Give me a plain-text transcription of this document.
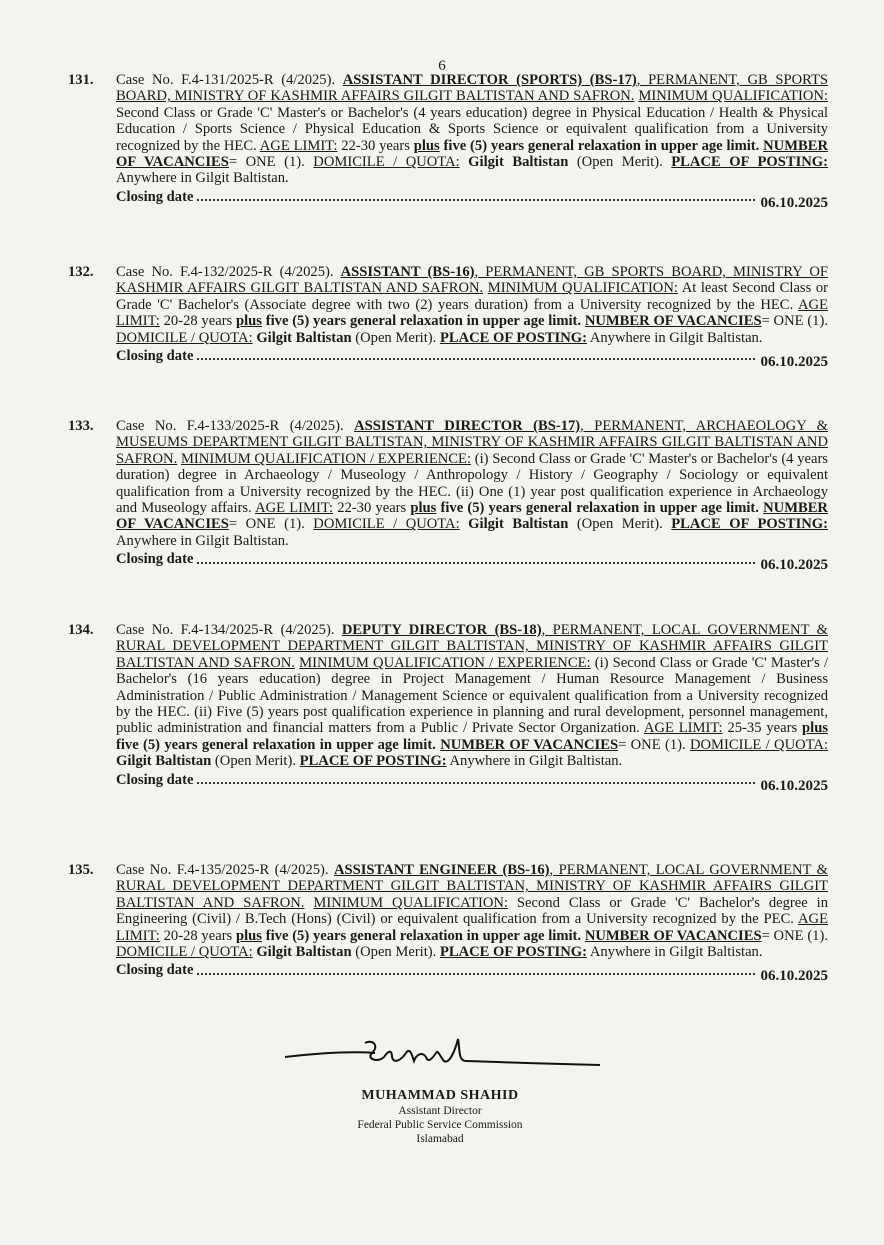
6
131.	Case No. F.4-131/2025-R (4/2025). ASSISTANT DIRECTOR (SPORTS) (BS-17), PERMANENT, GB SPORTS BOARD, MINISTRY OF KASHMIR AFFAIRS GILGIT BALTISTAN AND SAFRON. MINIMUM QUALIFICATION: Second Class or Grade 'C' Master's or Bachelor's (4 years education) degree in Physical Education / Health & Physical Education / Sports Science / Physical Education & Sports Science or equivalent qualification from a University recognized by the HEC. AGE LIMIT: 22-30 years plus five (5) years general relaxation in upper age limit. NUMBER OF VACANCIES= ONE (1). DOMICILE / QUOTA: Gilgit Baltistan (Open Merit). PLACE OF POSTING: Anywhere in Gilgit Baltistan.
Closing date	06.10.2025
132.	Case No. F.4-132/2025-R (4/2025). ASSISTANT (BS-16), PERMANENT, GB SPORTS BOARD, MINISTRY OF KASHMIR AFFAIRS GILGIT BALTISTAN AND SAFRON. MINIMUM QUALIFICATION: At least Second Class or Grade 'C' Bachelor's (Associate degree with two (2) years duration) from a University recognized by the HEC. AGE LIMIT: 20-28 years plus five (5) years general relaxation in upper age limit. NUMBER OF VACANCIES= ONE (1). DOMICILE / QUOTA: Gilgit Baltistan (Open Merit). PLACE OF POSTING: Anywhere in Gilgit Baltistan.
Closing date	06.10.2025
133.	Case No. F.4-133/2025-R (4/2025). ASSISTANT DIRECTOR (BS-17), PERMANENT, ARCHAEOLOGY & MUSEUMS DEPARTMENT GILGIT BALTISTAN, MINISTRY OF KASHMIR AFFAIRS GILGIT BALTISTAN AND SAFRON. MINIMUM QUALIFICATION / EXPERIENCE: (i) Second Class or Grade 'C' Master's or Bachelor's (4 years duration) degree in Archaeology / Museology / Anthropology / History / Geography / Sociology or equivalent qualification from a University recognized by the HEC. (ii) One (1) year post qualification experience in Archaeology and Museology affairs. AGE LIMIT: 22-30 years plus five (5) years general relaxation in upper age limit. NUMBER OF VACANCIES= ONE (1). DOMICILE / QUOTA: Gilgit Baltistan (Open Merit). PLACE OF POSTING: Anywhere in Gilgit Baltistan.
Closing date	06.10.2025
134.	Case No. F.4-134/2025-R (4/2025). DEPUTY DIRECTOR (BS-18), PERMANENT, LOCAL GOVERNMENT & RURAL DEVELOPMENT DEPARTMENT GILGIT BALTISTAN, MINISTRY OF KASHMIR AFFAIRS GILGIT BALTISTAN AND SAFRON. MINIMUM QUALIFICATION / EXPERIENCE: (i) Second Class or Grade 'C' Master's / Bachelor's (16 years education) degree in Project Management / Human Resource Management / Business Administration / Public Administration / Management Science or equivalent qualification from a University recognized by the HEC. (ii) Five (5) years post qualification experience in planning and rural development, personnel management, public administration and financial matters from a Public / Private Sector Organization. AGE LIMIT: 25-35 years plus five (5) years general relaxation in upper age limit. NUMBER OF VACANCIES= ONE (1). DOMICILE / QUOTA: Gilgit Baltistan (Open Merit). PLACE OF POSTING: Anywhere in Gilgit Baltistan.
Closing date	06.10.2025
135.	Case No. F.4-135/2025-R (4/2025). ASSISTANT ENGINEER (BS-16), PERMANENT, LOCAL GOVERNMENT & RURAL DEVELOPMENT DEPARTMENT GILGIT BALTISTAN, MINISTRY OF KASHMIR AFFAIRS GILGIT BALTISTAN AND SAFRON. MINIMUM QUALIFICATION: Second Class or Grade 'C' Bachelor's degree in Engineering (Civil) / B.Tech (Hons) (Civil) or equivalent qualification from a University recognized by the PEC. AGE LIMIT: 20-28 years plus five (5) years general relaxation in upper age limit. NUMBER OF VACANCIES= ONE (1). DOMICILE / QUOTA: Gilgit Baltistan (Open Merit). PLACE OF POSTING: Anywhere in Gilgit Baltistan.
Closing date	06.10.2025
MUHAMMAD SHAHID
Assistant Director
Federal Public Service Commission
Islamabad
